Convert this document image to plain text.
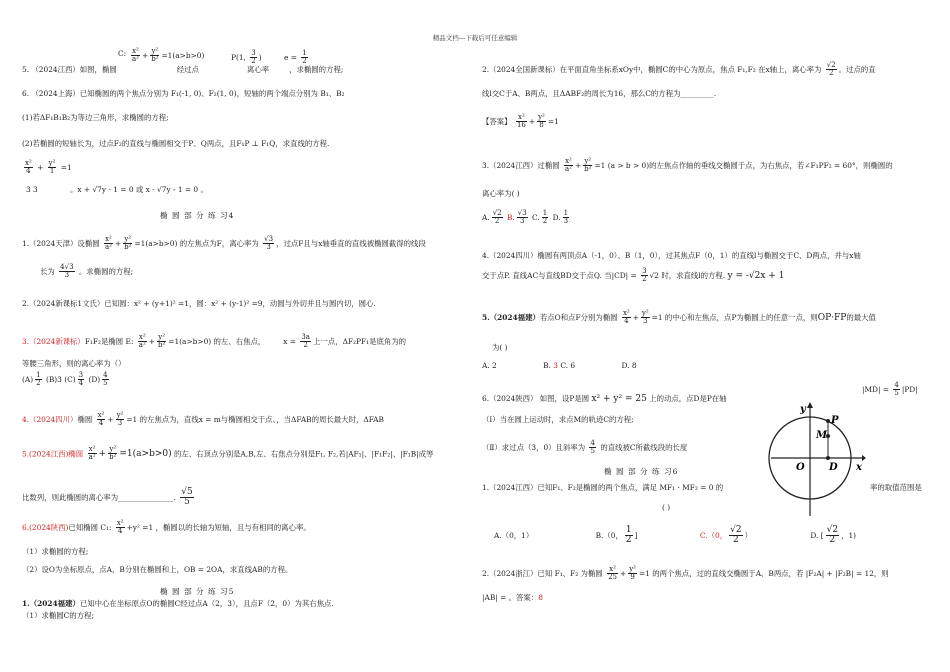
精品文档---下载后可任意编辑
C: $\frac{\text{x²}}{\text{a²}} + \frac{\text{y²}}{\text{b²}} =1(a>b>0)$	P(1, $\frac{3}{2}$ )	$e = \frac{1}{2}$
5. （2024江西）如图，椭圆	经过点	离心率	，求椭圆的方程;
6. （2024上海）已知椭圆的两个焦点分别为 F₁(-1, 0)、F₂(1, 0)，短轴的两个端点分别为 B₁、B₂
(1)若ΔF₁B₁B₂为等边三角形，求椭圆的方程;
(2)若椭圆的短轴长为，过点F₂的直线与椭圆相交于P、Q两点，且F₁P ⊥ F₁Q，求直线的方程.
$\frac{\text{x²}}{4} + \frac{\text{y²}}{1} =1$
3 3	。x + √7y - 1 = 0 或 x - √7y - 1 = 0 。
椭 圆 部 分 练 习4
1.（2024天津）设椭圆 $\frac{\text{x²}}{\text{a²}} + \frac{\text{y²}}{\text{b²}} =1(a>b>0)$ 的左焦点为F，离心率为 $\frac{√3}{3}$ ，过点F且与x轴垂直的直线被椭圆截得的线段
长为 $\frac{4√3}{3}$ 。求椭圆的方程;
2.（2024新课标1文氏）已知圆：x² + (y+1)² =1，圆：x² + (y-1)² =9，动圆与外切并且与圆内切，圆心.
3.（2024新课标）F₁F₂是椭圆 E: $\frac{\text{x²}}{\text{a²}} + \frac{\text{y²}}{\text{b²}} =1(a>b>0)$ 的左、右焦点， $x = \frac{3a}{2}$ 上一点，ΔF₂PF₁是底角为的
等腰三角形，则的离心率为（）
$(A) \frac{1}{2} (B)3$ $(C) \frac{3}{4} (D) \frac{4}{5}$
4.（2024四川）椭圆 $\frac{\text{x²}}{4} + \frac{\text{y²}}{3} =1$ 的左焦点为，直线x = m与椭圆相交于点、，当ΔFAB的周长最大时，ΔFAB
5.(2024江西)椭圆 $\frac{\text{x²}}{\text{a²}} + \frac{\text{y²}}{\text{b²}} =1(a>b>0)$ 的左、右顶点分别是A,B,左、右焦点分别是F₁, F₂,若|AF₁|、|F₁F₂|、|F₁B|成等
比数列，则此椭圆的离心率为_______________. $\frac{√5}{5}$
6.(2024陕西)已知椭圆 C₁: $\frac{\text{x²}}{4} +y^2 =1$ ，椭圆以的长轴为短轴，且与有相同的离心率。
（1）求椭圆的方程;
（2）设O为坐标原点，点A，B分别在椭圆和上，OB = 2OA，求直线AB的方程。
椭 圆 部 分 练 习5
1.（2024福建）已知中心在坐标原点O的椭圆C经过点A（2，3），且点F（2，0）为其右焦点.
（1）求椭圆C的方程;
2.（2024全国新课标）在平面直角坐标系xOy中，椭圆C的中心为原点，焦点 F₁,F₂ 在x轴上，离心率为 $\frac{√2}{2}$ 。过点的直
线l交C于A、B两点，且ΔABF₂的周长为16，那么C的方程为_________.
【答案】 $\frac{\text{x²}}{16} + \frac{\text{y²}}{8} =1$
3.（2024江西）过椭圆 $\frac{\text{x²}}{\text{a²}} + \frac{\text{y²}}{\text{b²}} =1$ (a > b > 0)的左焦点作轴的垂线交椭圆于点，为右焦点，若∠F₁PF₂ = 60°，则椭圆的
离心率为( )
A. $\frac{√2}{2} B$. $\frac{√3}{3} C$. $\frac{1}{2} D$. $\frac{1}{3}$
4.（2024四川）椭圆有两顶点A（-1，0）、B（1，0），过其焦点F（0，1）的直线l与椭圆交于C、D两点，并与x轴
交于点P. 直线AC与直线BD交于点Q. 当$|CD| = \frac{3}{2} √2$ 时，求直线l的方程. y = -√2x + 1
5.（2024福建）若点O和点F分别为椭圆 $\frac{\text{x²}}{4} + \frac{\text{y²}}{3} =1$ 的中心和左焦点，点P为椭圆上的任意一点，则OP·FP的最大值
为( )
A. 2	B. 3 C. 6	D. 8
6.（2024陕西） 如图，设P是圆 x² + y² = 25 上的动点，点D是P在轴
$|MD| = \frac{4}{5} |PD|$
（Ⅰ）当在圆上运动时，求点M的轨迹C的方程;
（Ⅱ）求过点（3，0）且斜率为 $\frac{4}{5}$ 的直线被C所截线段的长度
P
M
O D x
y
椭 圆 部 分 练 习6
1.（2024江西）已知F₁、F₂是椭圆的两个焦点，满足 MF₁ · MF₂ = 0 的	率的取值范围是
( )
A.（0，1）	B.（0， $\frac{1}{2}$ ]	C.（0， $\frac{√2}{2}$ ）	D. [ $\frac{√2}{2}$ ，1)
2.（2024浙江）已知 F₁、F₂ 为椭圆 $\frac{\text{x²}}{25} + \frac{\text{y²}}{9} =1$ 的两个焦点，过的直线交椭圆于A、B两点，若 |F₂A| + |F₂B| = 12，则
|AB| = 。答案：8
